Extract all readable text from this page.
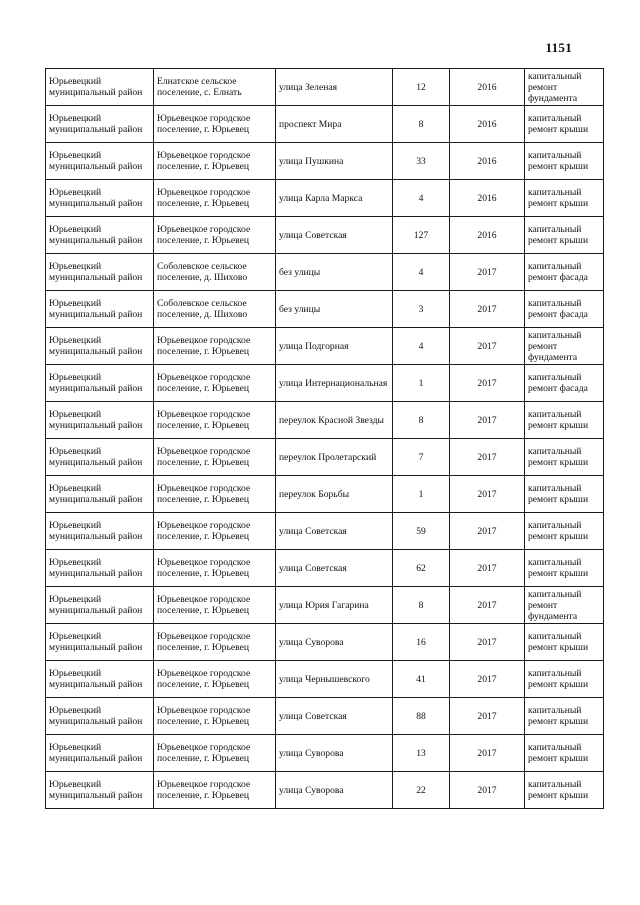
1151
Юрьевецкий муниципальный район	Елнатское сельское поселение, с. Елнать	улица Зеленая	12	2016	капитальный ремонт фундамента
Юрьевецкий муниципальный район	Юрьевецкое городское поселение, г. Юрьевец	проспект Мира	8	2016	капитальный ремонт крыши
Юрьевецкий муниципальный район	Юрьевецкое городское поселение, г. Юрьевец	улица Пушкина	33	2016	капитальный ремонт крыши
Юрьевецкий муниципальный район	Юрьевецкое городское поселение, г. Юрьевец	улица Карла Маркса	4	2016	капитальный ремонт крыши
Юрьевецкий муниципальный район	Юрьевецкое городское поселение, г. Юрьевец	улица Советская	127	2016	капитальный ремонт крыши
Юрьевецкий муниципальный район	Соболевское сельское поселение, д. Шихово	без улицы	4	2017	капитальный ремонт фасада
Юрьевецкий муниципальный район	Соболевское сельское поселение, д. Шихово	без улицы	3	2017	капитальный ремонт фасада
Юрьевецкий муниципальный район	Юрьевецкое городское поселение, г. Юрьевец	улица Подгорная	4	2017	капитальный ремонт фундамента
Юрьевецкий муниципальный район	Юрьевецкое городское поселение, г. Юрьевец	улица Интернациональная	1	2017	капитальный ремонт фасада
Юрьевецкий муниципальный район	Юрьевецкое городское поселение, г. Юрьевец	переулок Красной Звезды	8	2017	капитальный ремонт крыши
Юрьевецкий муниципальный район	Юрьевецкое городское поселение, г. Юрьевец	переулок Пролетарский	7	2017	капитальный ремонт крыши
Юрьевецкий муниципальный район	Юрьевецкое городское поселение, г. Юрьевец	переулок Борьбы	1	2017	капитальный ремонт крыши
Юрьевецкий муниципальный район	Юрьевецкое городское поселение, г. Юрьевец	улица Советская	59	2017	капитальный ремонт крыши
Юрьевецкий муниципальный район	Юрьевецкое городское поселение, г. Юрьевец	улица Советская	62	2017	капитальный ремонт крыши
Юрьевецкий муниципальный район	Юрьевецкое городское поселение, г. Юрьевец	улица Юрия Гагарина	8	2017	капитальный ремонт фундамента
Юрьевецкий муниципальный район	Юрьевецкое городское поселение, г. Юрьевец	улица Суворова	16	2017	капитальный ремонт крыши
Юрьевецкий муниципальный район	Юрьевецкое городское поселение, г. Юрьевец	улица Чернышевского	41	2017	капитальный ремонт крыши
Юрьевецкий муниципальный район	Юрьевецкое городское поселение, г. Юрьевец	улица Советская	88	2017	капитальный ремонт крыши
Юрьевецкий муниципальный район	Юрьевецкое городское поселение, г. Юрьевец	улица Суворова	13	2017	капитальный ремонт крыши
Юрьевецкий муниципальный район	Юрьевецкое городское поселение, г. Юрьевец	улица Суворова	22	2017	капитальный ремонт крыши
